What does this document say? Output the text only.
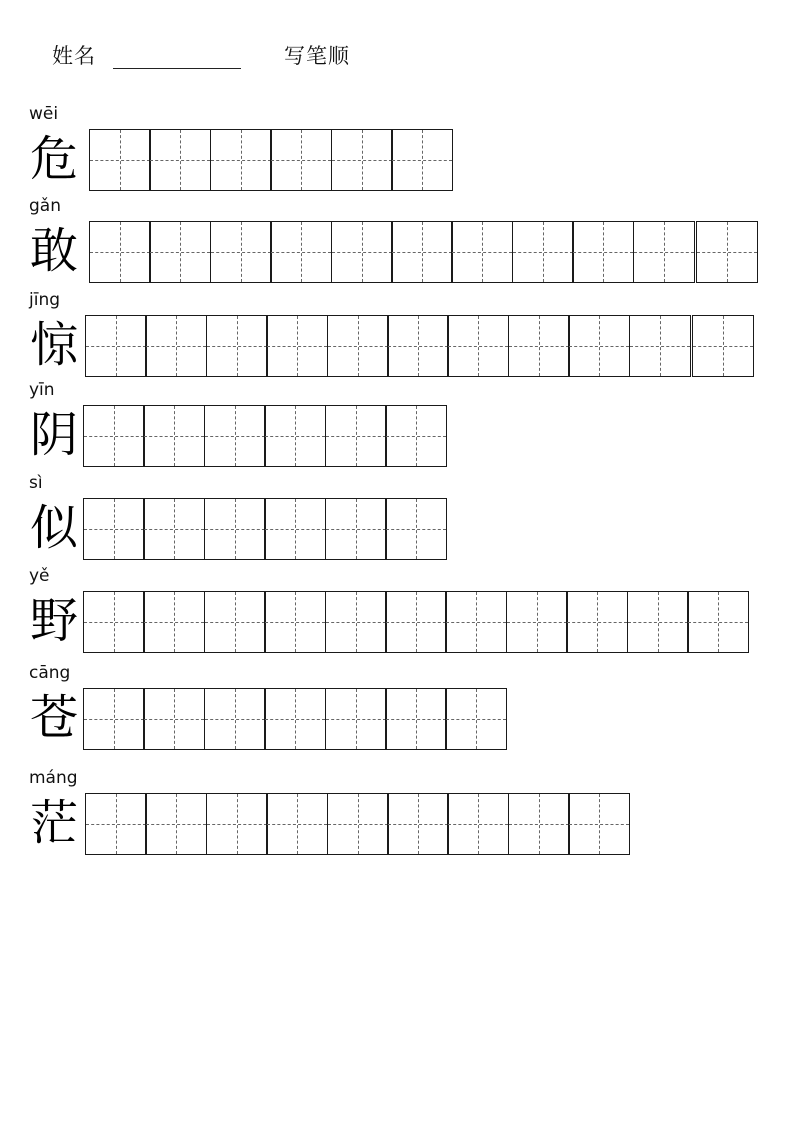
姓名	写笔顺
wēi
危
gǎn
敢
jīng
惊
yīn
阴
sì
似
yě
野
cāng
苍
máng
茫
